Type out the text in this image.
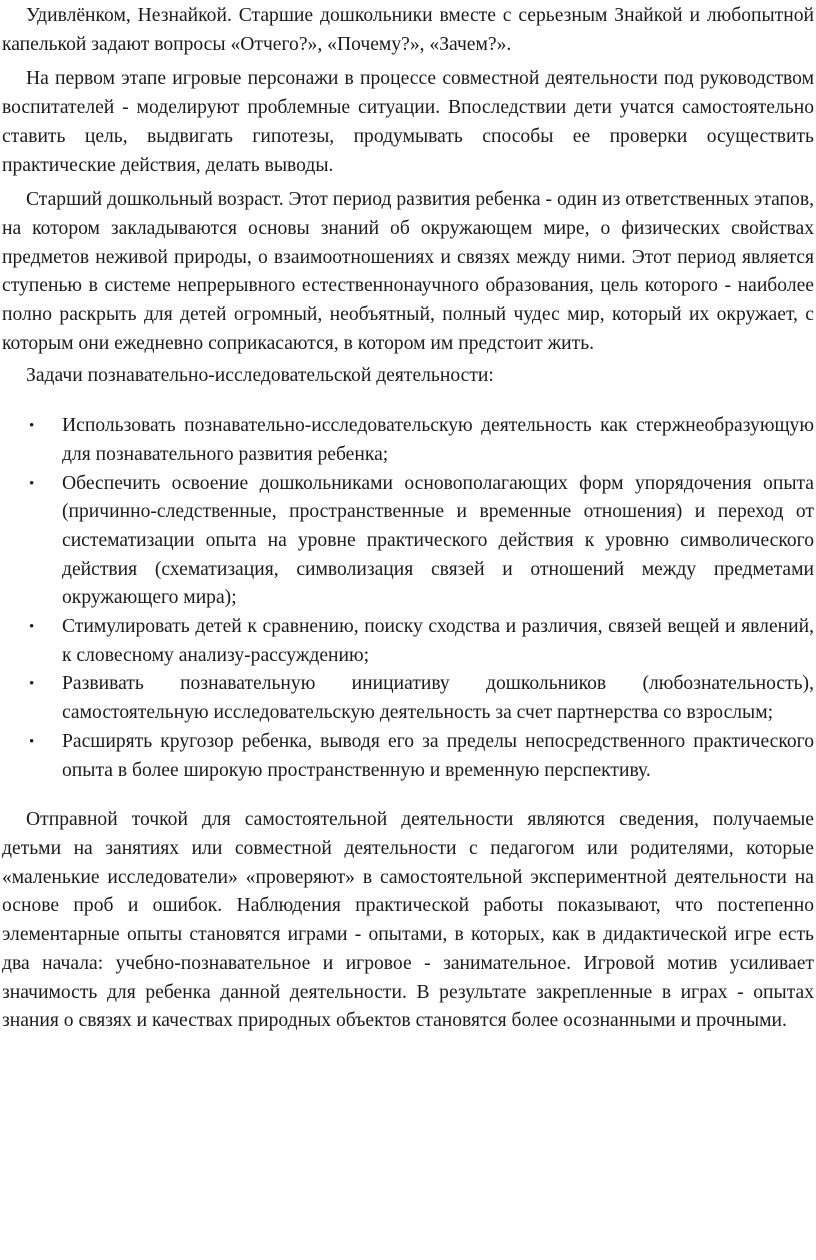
Удивлёнком, Незнайкой. Старшие дошкольники вместе с серьезным Знайкой и любопытной капелькой задают вопросы «Отчего?», «Почему?», «Зачем?».

На первом этапе игровые персонажи в процессе совместной деятельности под руководством воспитателей - моделируют проблемные ситуации. Впоследствии дети учатся самостоятельно ставить цель, выдвигать гипотезы, продумывать способы ее проверки осуществить практические действия, делать выводы.

Старший дошкольный возраст. Этот период развития ребенка - один из ответственных этапов, на котором закладываются основы знаний об окружающем мире, о физических свойствах предметов неживой природы, о взаимоотношениях и связях между ними. Этот период является ступенью в системе непрерывного естественнонаучного образования, цель которого - наиболее полно раскрыть для детей огромный, необъятный, полный чудес мир, который их окружает, с которым они ежедневно соприкасаются, в котором им предстоит жить.

Задачи познавательно-исследовательской деятельности:

• Использовать познавательно-исследовательскую деятельность как стержнеобразующую для познавательного развития ребенка;
• Обеспечить освоение дошкольниками основополагающих форм упорядочения опыта (причинно-следственные, пространственные и временные отношения) и переход от систематизации опыта на уровне практического действия к уровню символического действия (схематизация, символизация связей и отношений между предметами окружающего мира);
• Стимулировать детей к сравнению, поиску сходства и различия, связей вещей и явлений, к словесному анализу-рассуждению;
• Развивать познавательную инициативу дошкольников (любознательность), самостоятельную исследовательскую деятельность за счет партнерства со взрослым;
• Расширять кругозор ребенка, выводя его за пределы непосредственного практического опыта в более широкую пространственную и временную перспективу.

Отправной точкой для самостоятельной деятельности являются сведения, получаемые детьми на занятиях или совместной деятельности с педагогом или родителями, которые «маленькие исследователи» «проверяют» в самостоятельной экспериментной деятельности на основе проб и ошибок. Наблюдения практической работы показывают, что постепенно элементарные опыты становятся играми - опытами, в которых, как в дидактической игре есть два начала: учебно-познавательное и игровое - занимательное. Игровой мотив усиливает значимость для ребенка данной деятельности. В результате закрепленные в играх - опытах знания о связях и качествах природных объектов становятся более осознанными и прочными.
